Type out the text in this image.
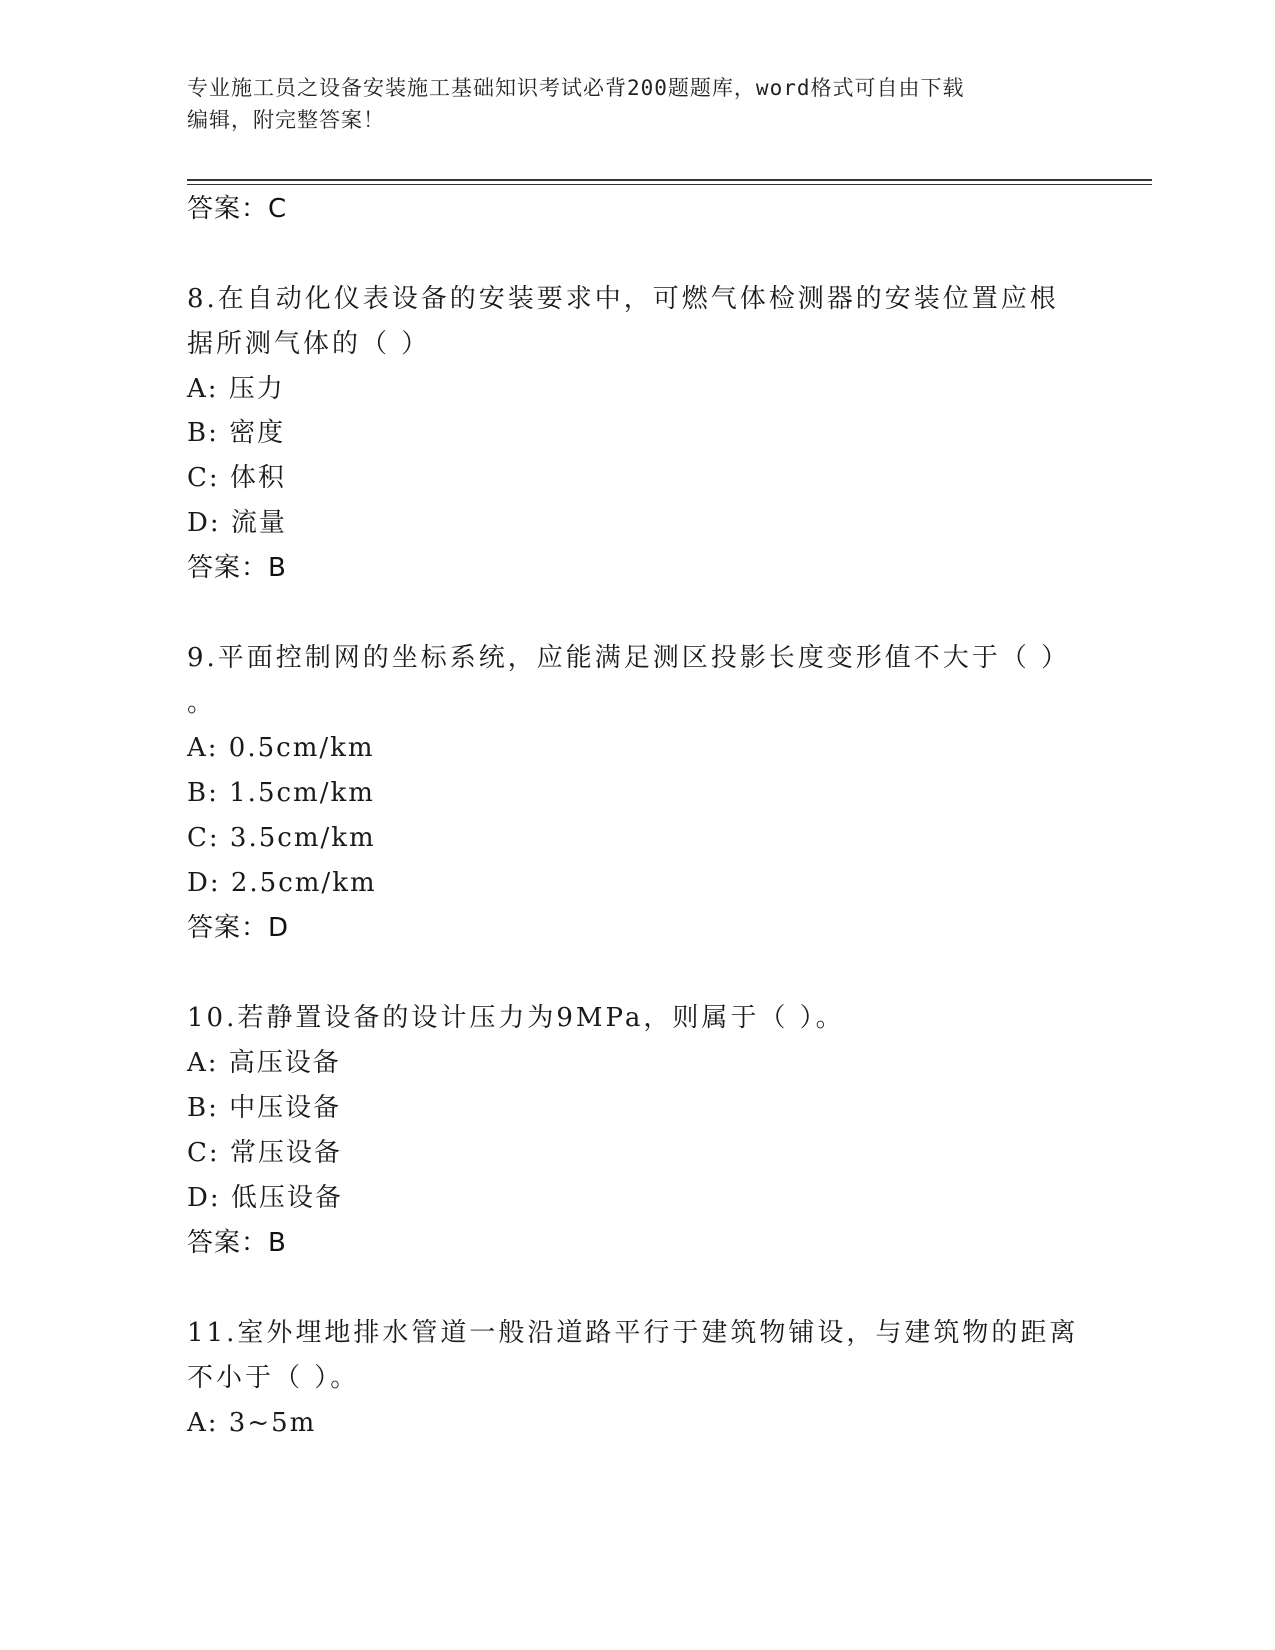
专业施工员之设备安装施工基础知识考试必背200题题库，word格式可自由下载
编辑，附完整答案！
答案：C
8.在自动化仪表设备的安装要求中，可燃气体检测器的安装位置应根
据所测气体的（ ）
A: 压力
B: 密度
C: 体积
D: 流量
答案：B
9.平面控制网的坐标系统，应能满足测区投影长度变形值不大于（ ）
。
A: 0.5cm/km
B: 1.5cm/km
C: 3.5cm/km
D: 2.5cm/km
答案：D
10.若静置设备的设计压力为9MPa，则属于（ ）。
A: 高压设备
B: 中压设备
C: 常压设备
D: 低压设备
答案：B
11.室外埋地排水管道一般沿道路平行于建筑物铺设，与建筑物的距离
不小于（ ）。
A: 3~5m
